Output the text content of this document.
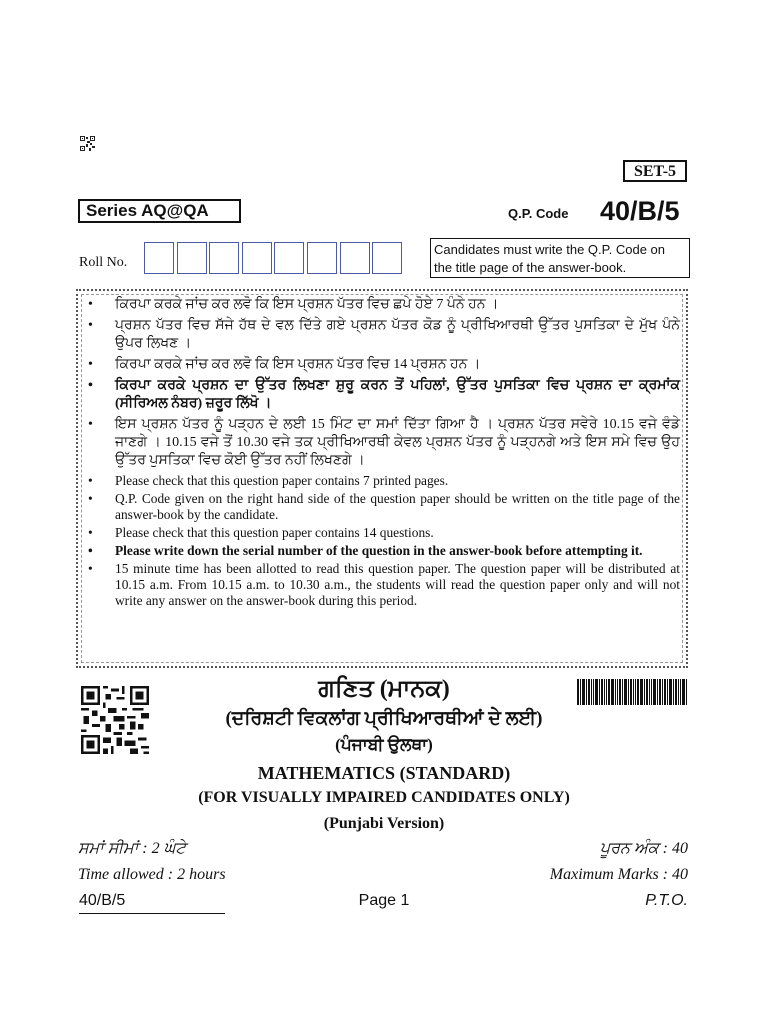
SET-5
Series AQ@QA	Q.P. Code 40/B/5
Roll No.
Candidates must write the Q.P. Code on the title page of the answer-book.
• ਕਿਰਪਾ ਕਰਕੇ ਜਾਂਚ ਕਰ ਲਵੋ ਕਿ ਇਸ ਪ੍ਰਸ਼ਨ ਪੱਤਰ ਵਿਚ ਛਪੇ ਹੋਏ 7 ਪੰਨੇ ਹਨ ।
• ਪ੍ਰਸ਼ਨ ਪੱਤਰ ਵਿਚ ਸੱਜੇ ਹੱਥ ਦੇ ਵਲ ਦਿੱਤੇ ਗਏ ਪ੍ਰਸ਼ਨ ਪੱਤਰ ਕੋਡ ਨੂੰ ਪ੍ਰੀਖਿਆਰਥੀ ਉੱਤਰ ਪੁਸਤਿਕਾ ਦੇ ਮੁੱਖ ਪੰਨੇ ਉਪਰ ਲਿਖਣ ।
• ਕਿਰਪਾ ਕਰਕੇ ਜਾਂਚ ਕਰ ਲਵੋ ਕਿ ਇਸ ਪ੍ਰਸ਼ਨ ਪੱਤਰ ਵਿਚ 14 ਪ੍ਰਸ਼ਨ ਹਨ ।
• ਕਿਰਪਾ ਕਰਕੇ ਪ੍ਰਸ਼ਨ ਦਾ ਉੱਤਰ ਲਿਖਣਾ ਸ਼ੁਰੂ ਕਰਨ ਤੋਂ ਪਹਿਲਾਂ, ਉੱਤਰ ਪੁਸਤਿਕਾ ਵਿਚ ਪ੍ਰਸ਼ਨ ਦਾ ਕ੍ਰਮਾਂਕ (ਸੀਰਿਅਲ ਨੰਬਰ) ਜ਼ਰੂਰ ਲਿੱਖੋ ।
• ਇਸ ਪ੍ਰਸ਼ਨ ਪੱਤਰ ਨੂੰ ਪੜ੍ਹਨ ਦੇ ਲਈ 15 ਮਿੰਟ ਦਾ ਸਮਾਂ ਦਿੱਤਾ ਗਿਆ ਹੈ । ਪ੍ਰਸ਼ਨ ਪੱਤਰ ਸਵੇਰੇ 10.15 ਵਜੇ ਵੰਡੇ ਜਾਣਗੇ । 10.15 ਵਜੇ ਤੋਂ 10.30 ਵਜੇ ਤਕ ਪ੍ਰੀਖਿਆਰਥੀ ਕੇਵਲ ਪ੍ਰਸ਼ਨ ਪੱਤਰ ਨੂੰ ਪੜ੍ਹਨਗੇ ਅਤੇ ਇਸ ਸਮੇ ਵਿਚ ਉਹ ਉੱਤਰ ਪੁਸਤਿਕਾ ਵਿਚ ਕੋਈ ਉੱਤਰ ਨਹੀਂ ਲਿਖਣਗੇ ।
• Please check that this question paper contains 7 printed pages.
• Q.P. Code given on the right hand side of the question paper should be written on the title page of the answer-book by the candidate.
• Please check that this question paper contains 14 questions.
• Please write down the serial number of the question in the answer-book before attempting it.
• 15 minute time has been allotted to read this question paper. The question paper will be distributed at 10.15 a.m. From 10.15 a.m. to 10.30 a.m., the students will read the question paper only and will not write any answer on the answer-book during this period.
ਗਣਿਤ (ਮਾਨਕ)
(ਦਰਿਸ਼ਟੀ ਵਿਕਲਾਂਗ ਪ੍ਰੀਖਿਆਰਥੀਆਂ ਦੇ ਲਈ)
(ਪੰਜਾਬੀ ਉਲਥਾ)
MATHEMATICS (STANDARD)
(FOR VISUALLY IMPAIRED CANDIDATES ONLY)
(Punjabi Version)
ਸਮਾਂ ਸੀਮਾਂ : 2 ਘੰਟੇ	ਪੂਰਨ ਅੰਕ : 40
Time allowed : 2 hours	Maximum Marks : 40
40/B/5	Page 1	P.T.O.
